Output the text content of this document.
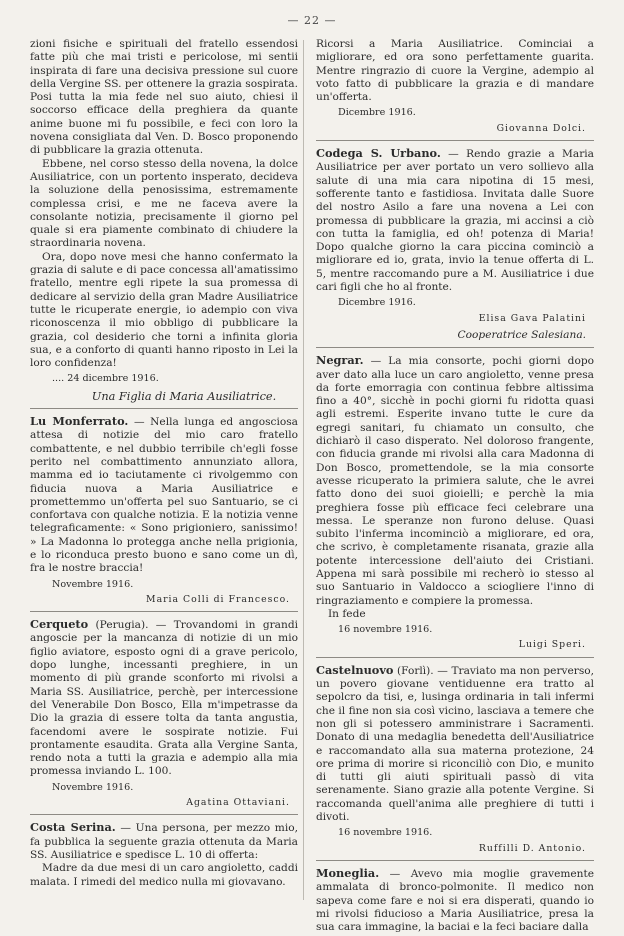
— 22 —

zioni fisiche e spirituali del fratello essendosi fatte più che mai tristi e pericolose, mi sentii inspirata di fare una decisiva pressione sul cuore della Vergine SS. per ottenere la grazia sospirata. Posi tutta la mia fede nel suo aiuto, chiesi il soccorso efficace della preghiera da quante anime buone mi fu possibile, e feci con loro la novena consigliata dal Ven. D. Bosco proponendo di pubblicare la grazia ottenuta.

Ebbene, nel corso stesso della novena, la dolce Ausiliatrice, con un portento insperato, decideva la soluzione della penosissima, estremamente complessa crisi, e me ne faceva avere la consolante notizia, precisamente il giorno pel quale si era piamente combinato di chiudere la straordinaria novena.

Ora, dopo nove mesi che hanno confermato la grazia di salute e di pace concessa all'amatissimo fratello, mentre egli ripete la sua promessa di dedicare al servizio della gran Madre Ausiliatrice tutte le ricuperate energie, io adempio con viva riconoscenza il mio obbligo di pubblicare la grazia, col desiderio che torni a infinita gloria sua, e a conforto di quanti hanno riposto in Lei la loro confidenza!

.... 24 dicembre 1916.
Una Figlia di Maria Ausiliatrice.

Lu Monferrato. — Nella lunga ed angosciosa attesa di notizie del mio caro fratello combattente, e nel dubbio terribile ch'egli fosse perito nel combattimento annunziato allora, mamma ed io taciutamente ci rivolgemmo con fiducia nuova a Maria Ausiliatrice e promettemmo un'offerta pel suo Santuario, se ci confortava con qualche notizia. E la notizia venne telegraficamente: « Sono prigioniero, sanissimo! » La Madonna lo protegga anche nella prigionia, e lo riconduca presto buono e sano come un dì, fra le nostre braccia!

Novembre 1916.
Maria Colli di Francesco.

Cerqueto (Perugia). — Trovandomi in grandi angoscie per la mancanza di notizie di un mio figlio aviatore, esposto ogni di a grave pericolo, dopo lunghe, incessanti preghiere, in un momento di più grande sconforto mi rivolsi a Maria SS. Ausiliatrice, perchè, per intercessione del Venerabile Don Bosco, Ella m'impetrasse da Dio la grazia di essere tolta da tanta angustia, facendomi avere le sospirate notizie. Fui prontamente esaudita. Grata alla Vergine Santa, rendo nota a tutti la grazia e adempio alla mia promessa inviando L. 100.

Novembre 1916.
Agatina Ottaviani.

Costa Serina. — Una persona, per mezzo mio, fa pubblica la seguente grazia ottenuta da Maria SS. Ausiliatrice e spedisce L. 10 di offerta:

Madre da due mesi di un caro angioletto, caddi malata. I rimedi del medico nulla mi giovavano.

Ricorsi a Maria Ausiliatrice. Cominciai a migliorare, ed ora sono perfettamente guarita. Mentre ringrazio di cuore la Vergine, adempio al voto fatto di pubblicare la grazia e di mandare un'offerta.

Dicembre 1916.
Giovanna Dolci.

Codega S. Urbano. — Rendo grazie a Maria Ausiliatrice per aver portato un vero sollievo alla salute di una mia cara nipotina di 15 mesi, sofferente tanto e fastidiosa. Invitata dalle Suore del nostro Asilo a fare una novena a Lei con promessa di pubblicare la grazia, mi accinsi a ciò con tutta la famiglia, ed oh! potenza di Maria! Dopo qualche giorno la cara piccina cominciò a migliorare ed io, grata, invio la tenue offerta di L. 5, mentre raccomando pure a M. Ausiliatrice i due cari figli che ho al fronte.

Dicembre 1916.
Elisa Gava Palatini
Cooperatrice Salesiana.

Negrar. — La mia consorte, pochi giorni dopo aver dato alla luce un caro angioletto, venne presa da forte emorragia con continua febbre altissima fino a 40°, sicchè in pochi giorni fu ridotta quasi agli estremi. Esperite invano tutte le cure da egregi sanitari, fu chiamato un consulto, che dichiarò il caso disperato. Nel doloroso frangente, con fiducia grande mi rivolsi alla cara Madonna di Don Bosco, promettendole, se la mia consorte avesse ricuperato la primiera salute, che le avrei fatto dono dei suoi gioielli; e perchè la mia preghiera fosse più efficace feci celebrare una messa. Le speranze non furono deluse. Quasi subito l'inferma incominciò a migliorare, ed ora, che scrivo, è completamente risanata, grazie alla potente intercessione dell'aiuto dei Cristiani. Appena mi sarà possibile mi recherò io stesso al suo Santuario in Valdocco a sciogliere l'inno di ringraziamento e compiere la promessa.

In fede

16 novembre 1916.
Luigi Speri.

Castelnuovo (Forlì). — Traviato ma non perverso, un povero giovane ventiduenne era tratto al sepolcro da tisi, e, lusinga ordinaria in tali infermi che il fine non sia così vicino, lasciava a temere che non gli si potessero amministrare i Sacramenti. Donato di una medaglia benedetta dell'Ausiliatrice e raccomandato alla sua materna protezione, 24 ore prima di morire si riconciliò con Dio, e munito di tutti gli aiuti spirituali passò di vita serenamente. Siano grazie alla potente Vergine. Si raccomanda quell'anima alle preghiere di tutti i divoti.

16 novembre 1916.
Ruffilli D. Antonio.

Moneglia. — Avevo mia moglie gravemente ammalata di bronco-polmonite. Il medico non sapeva come fare e noi si era disperati, quando io mi rivolsi fiducioso a Maria Ausiliatrice, presa la sua cara immagine, la baciai e la feci baciare dalla
